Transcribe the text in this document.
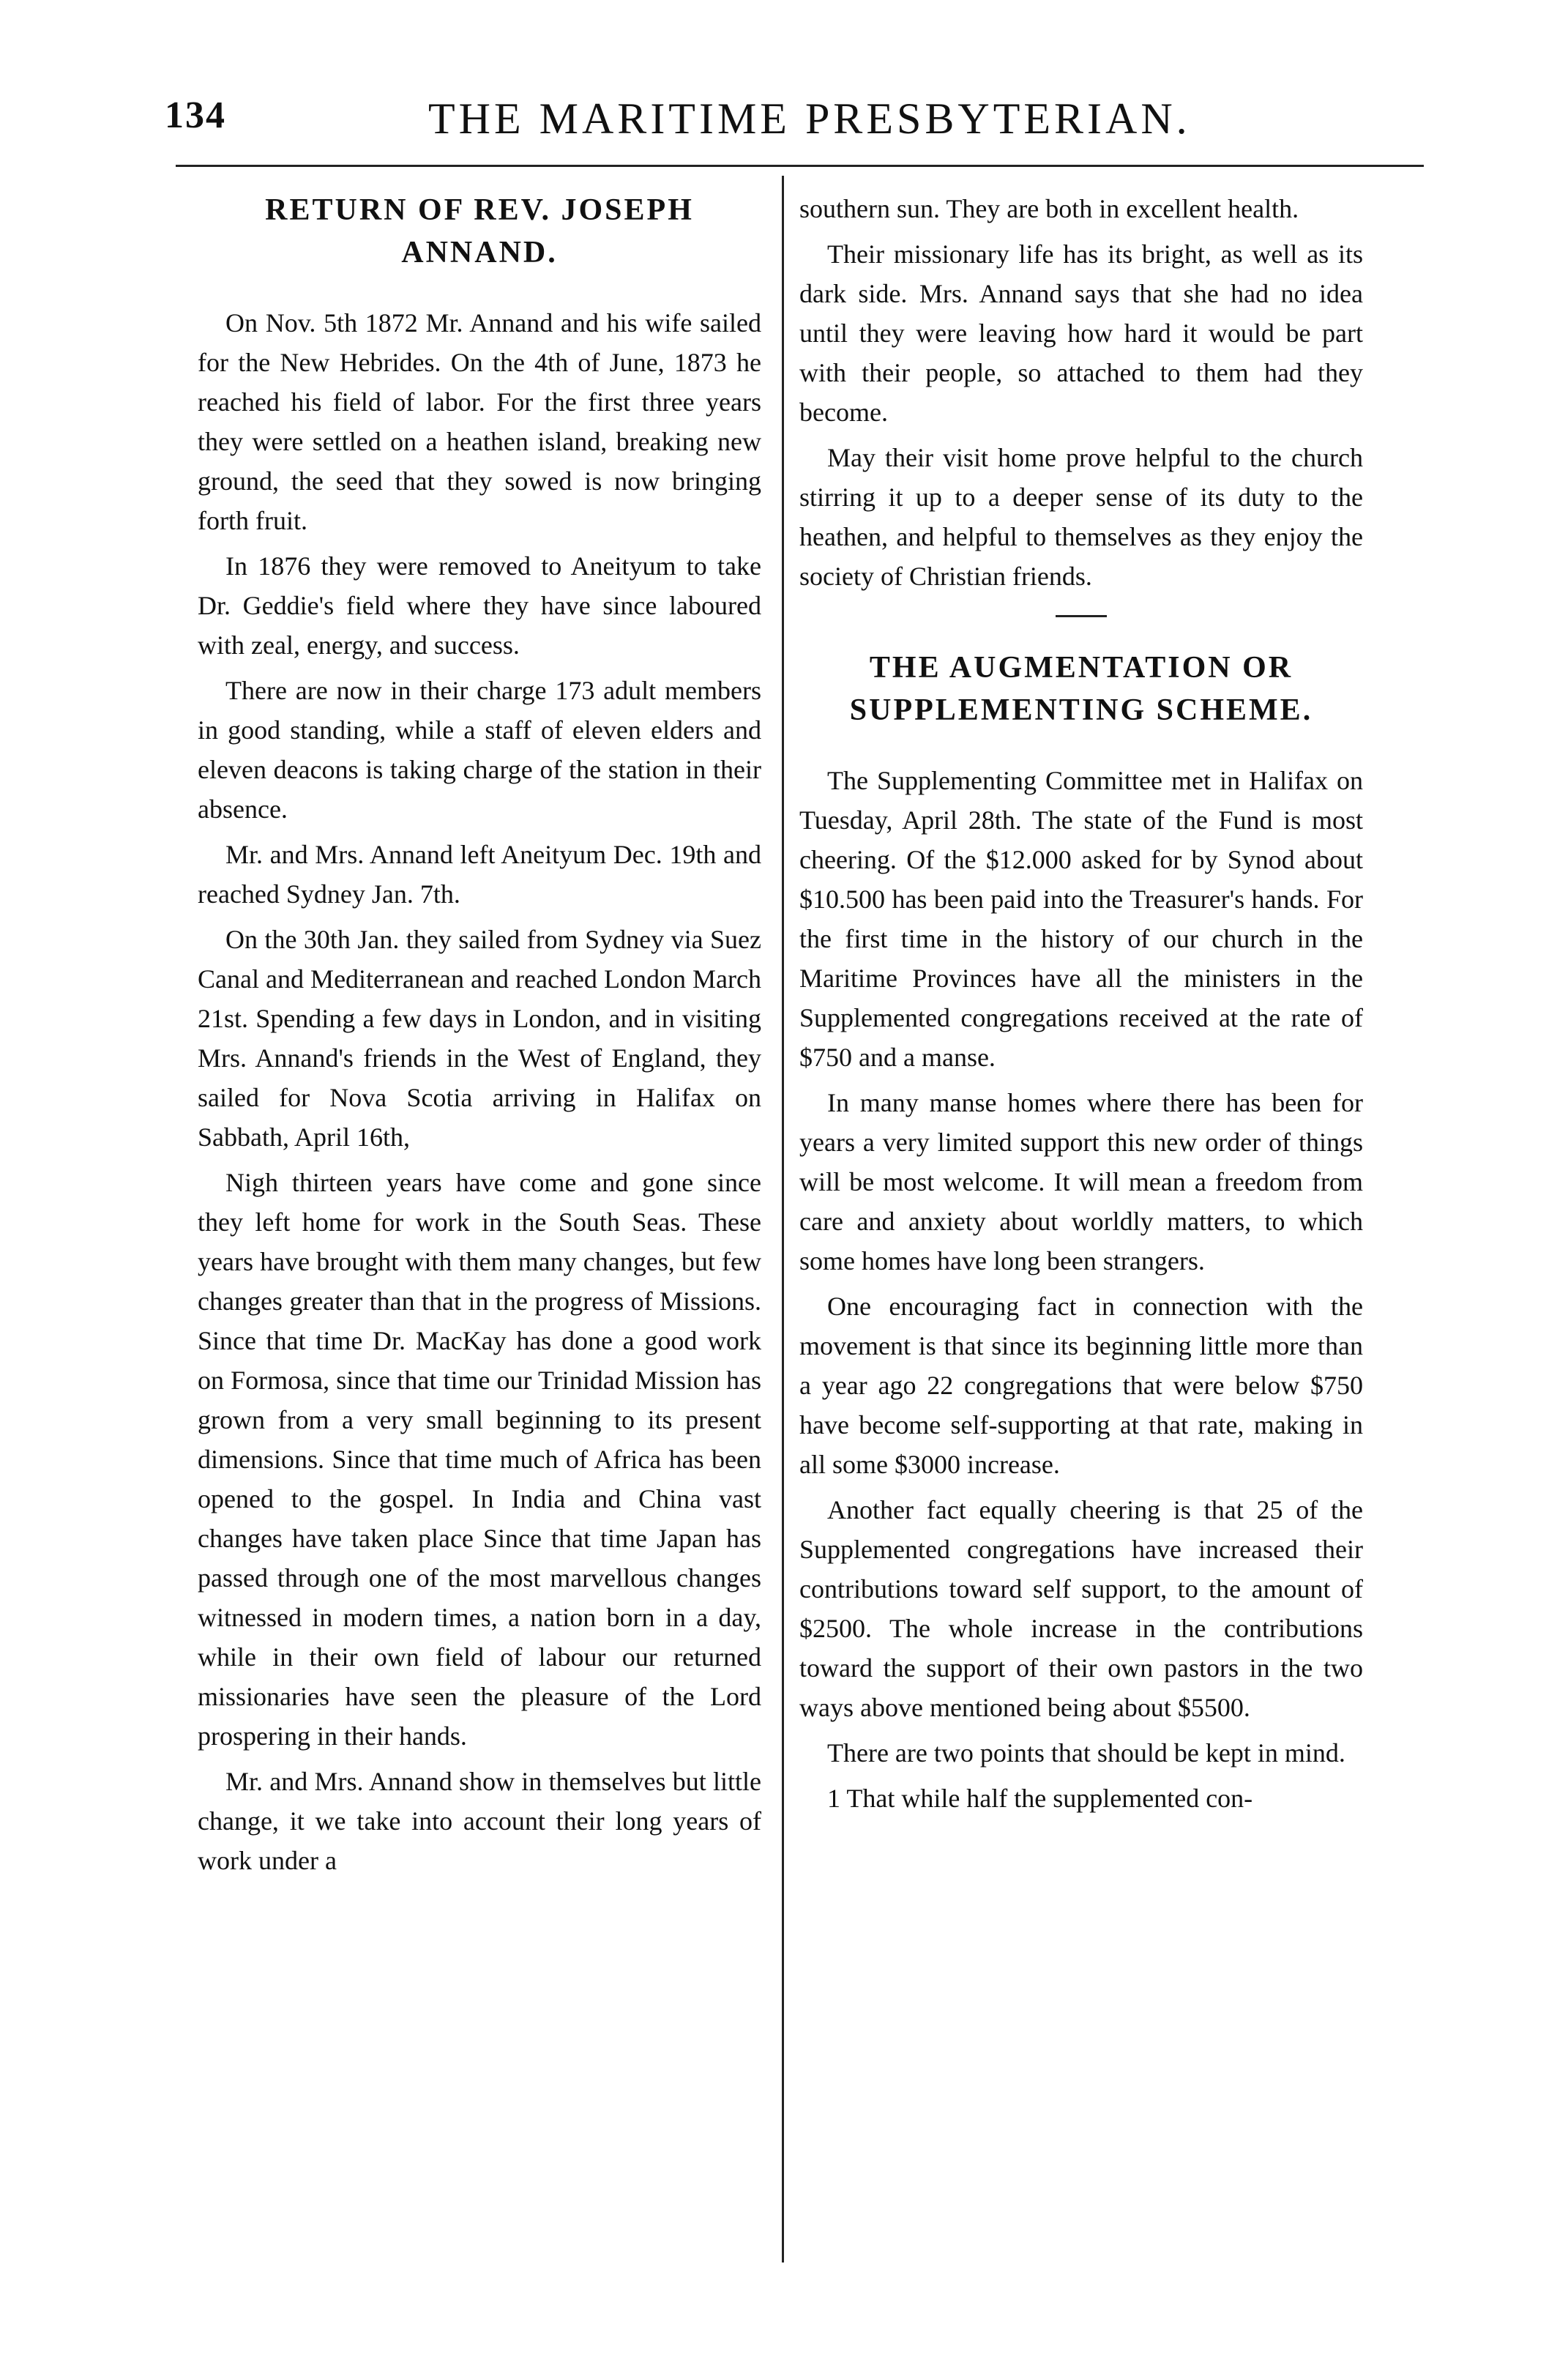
134	THE MARITIME PRESBYTERIAN.
RETURN OF REV. JOSEPH ANNAND.

On Nov. 5th 1872 Mr. Annand and his wife sailed for the New Hebrides. On the 4th of June, 1873 he reached his field of labor. For the first three years they were settled on a heathen island, breaking new ground, the seed that they sowed is now bringing forth fruit.

In 1876 they were removed to Aneityum to take Dr. Geddie's field where they have since laboured with zeal, energy, and success.

There are now in their charge 173 adult members in good standing, while a staff of eleven elders and eleven deacons is taking charge of the station in their absence.

Mr. and Mrs. Annand left Aneityum Dec. 19th and reached Sydney Jan. 7th.

On the 30th Jan. they sailed from Sydney via Suez Canal and Mediterranean and reached London March 21st. Spending a few days in London, and in visiting Mrs. Annand's friends in the West of England, they sailed for Nova Scotia arriving in Halifax on Sabbath, April 16th,

Nigh thirteen years have come and gone since they left home for work in the South Seas. These years have brought with them many changes, but few changes greater than that in the progress of Missions. Since that time Dr. MacKay has done a good work on Formosa, since that time our Trinidad Mission has grown from a very small beginning to its present dimensions. Since that time much of Africa has been opened to the gospel. In India and China vast changes have taken place Since that time Japan has passed through one of the most marvellous changes witnessed in modern times, a nation born in a day, while in their own field of labour our returned missionaries have seen the pleasure of the Lord prospering in their hands.

Mr. and Mrs. Annand show in themselves but little change, it we take into account their long years of work under a

southern sun. They are both in excellent health.

Their missionary life has its bright, as well as its dark side. Mrs. Annand says that she had no idea until they were leaving how hard it would be part with their people, so attached to them had they become.

May their visit home prove helpful to the church stirring it up to a deeper sense of its duty to the heathen, and helpful to themselves as they enjoy the society of Christian friends.

THE AUGMENTATION OR SUPPLEMENTING SCHEME.

The Supplementing Committee met in Halifax on Tuesday, April 28th. The state of the Fund is most cheering. Of the $12.000 asked for by Synod about $10.500 has been paid into the Treasurer's hands. For the first time in the history of our church in the Maritime Provinces have all the ministers in the Supplemented congregations received at the rate of $750 and a manse.

In many manse homes where there has been for years a very limited support this new order of things will be most welcome. It will mean a freedom from care and anxiety about worldly matters, to which some homes have long been strangers.

One encouraging fact in connection with the movement is that since its beginning little more than a year ago 22 congregations that were below $750 have become self-supporting at that rate, making in all some $3000 increase.

Another fact equally cheering is that 25 of the Supplemented congregations have increased their contributions toward self support, to the amount of $2500. The whole increase in the contributions toward the support of their own pastors in the two ways above mentioned being about $5500.

There are two points that should be kept in mind.

1 That while half the supplemented con-
